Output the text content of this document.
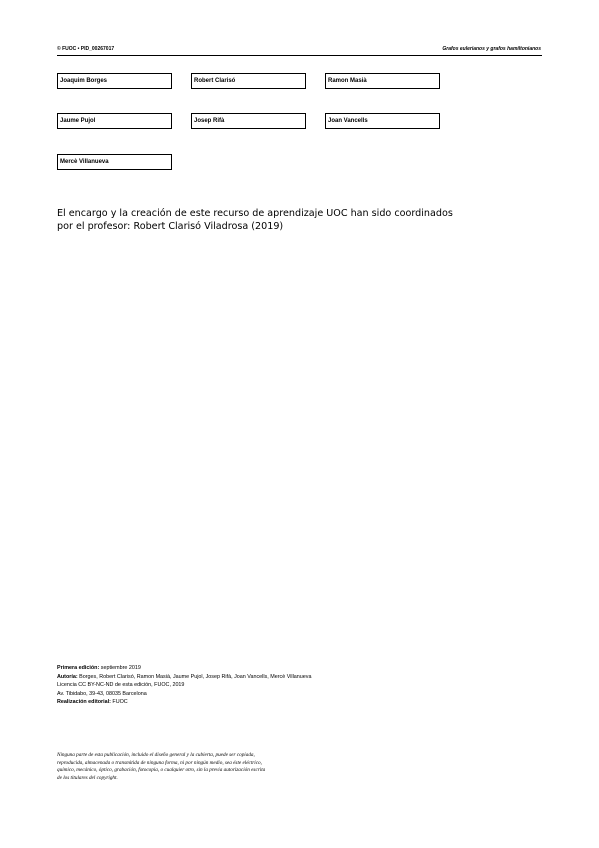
© FUOC • PID_00267017	Grafos eulerianos y grafos hamiltonianos
Joaquim Borges	Robert Clarisó	Ramon Masià
Jaume Pujol	Josep Rifà	Joan Vancells
Mercè Villanueva
El encargo y la creación de este recurso de aprendizaje UOC han sido coordinados
por el profesor: Robert Clarisó Viladrosa (2019)
Primera edición: septiembre 2019
Autoría: Borges, Robert Clarisó, Ramon Masià, Jaume Pujol, Josep Rifà, Joan Vancells, Mercè Villanueva
Licencia CC BY-NC-ND de esta edición, FUOC, 2019
Av. Tibidabo, 39-43, 08035 Barcelona
Realización editorial: FUOC
Ninguna parte de esta publicación, incluido el diseño general y la cubierta, puede ser copiada,
reproducida, almacenada o transmitida de ninguna forma, ni por ningún medio, sea éste eléctrico,
químico, mecánico, óptico, grabación, fotocopia, o cualquier otro, sin la previa autorización escrita
de los titulares del copyright.
